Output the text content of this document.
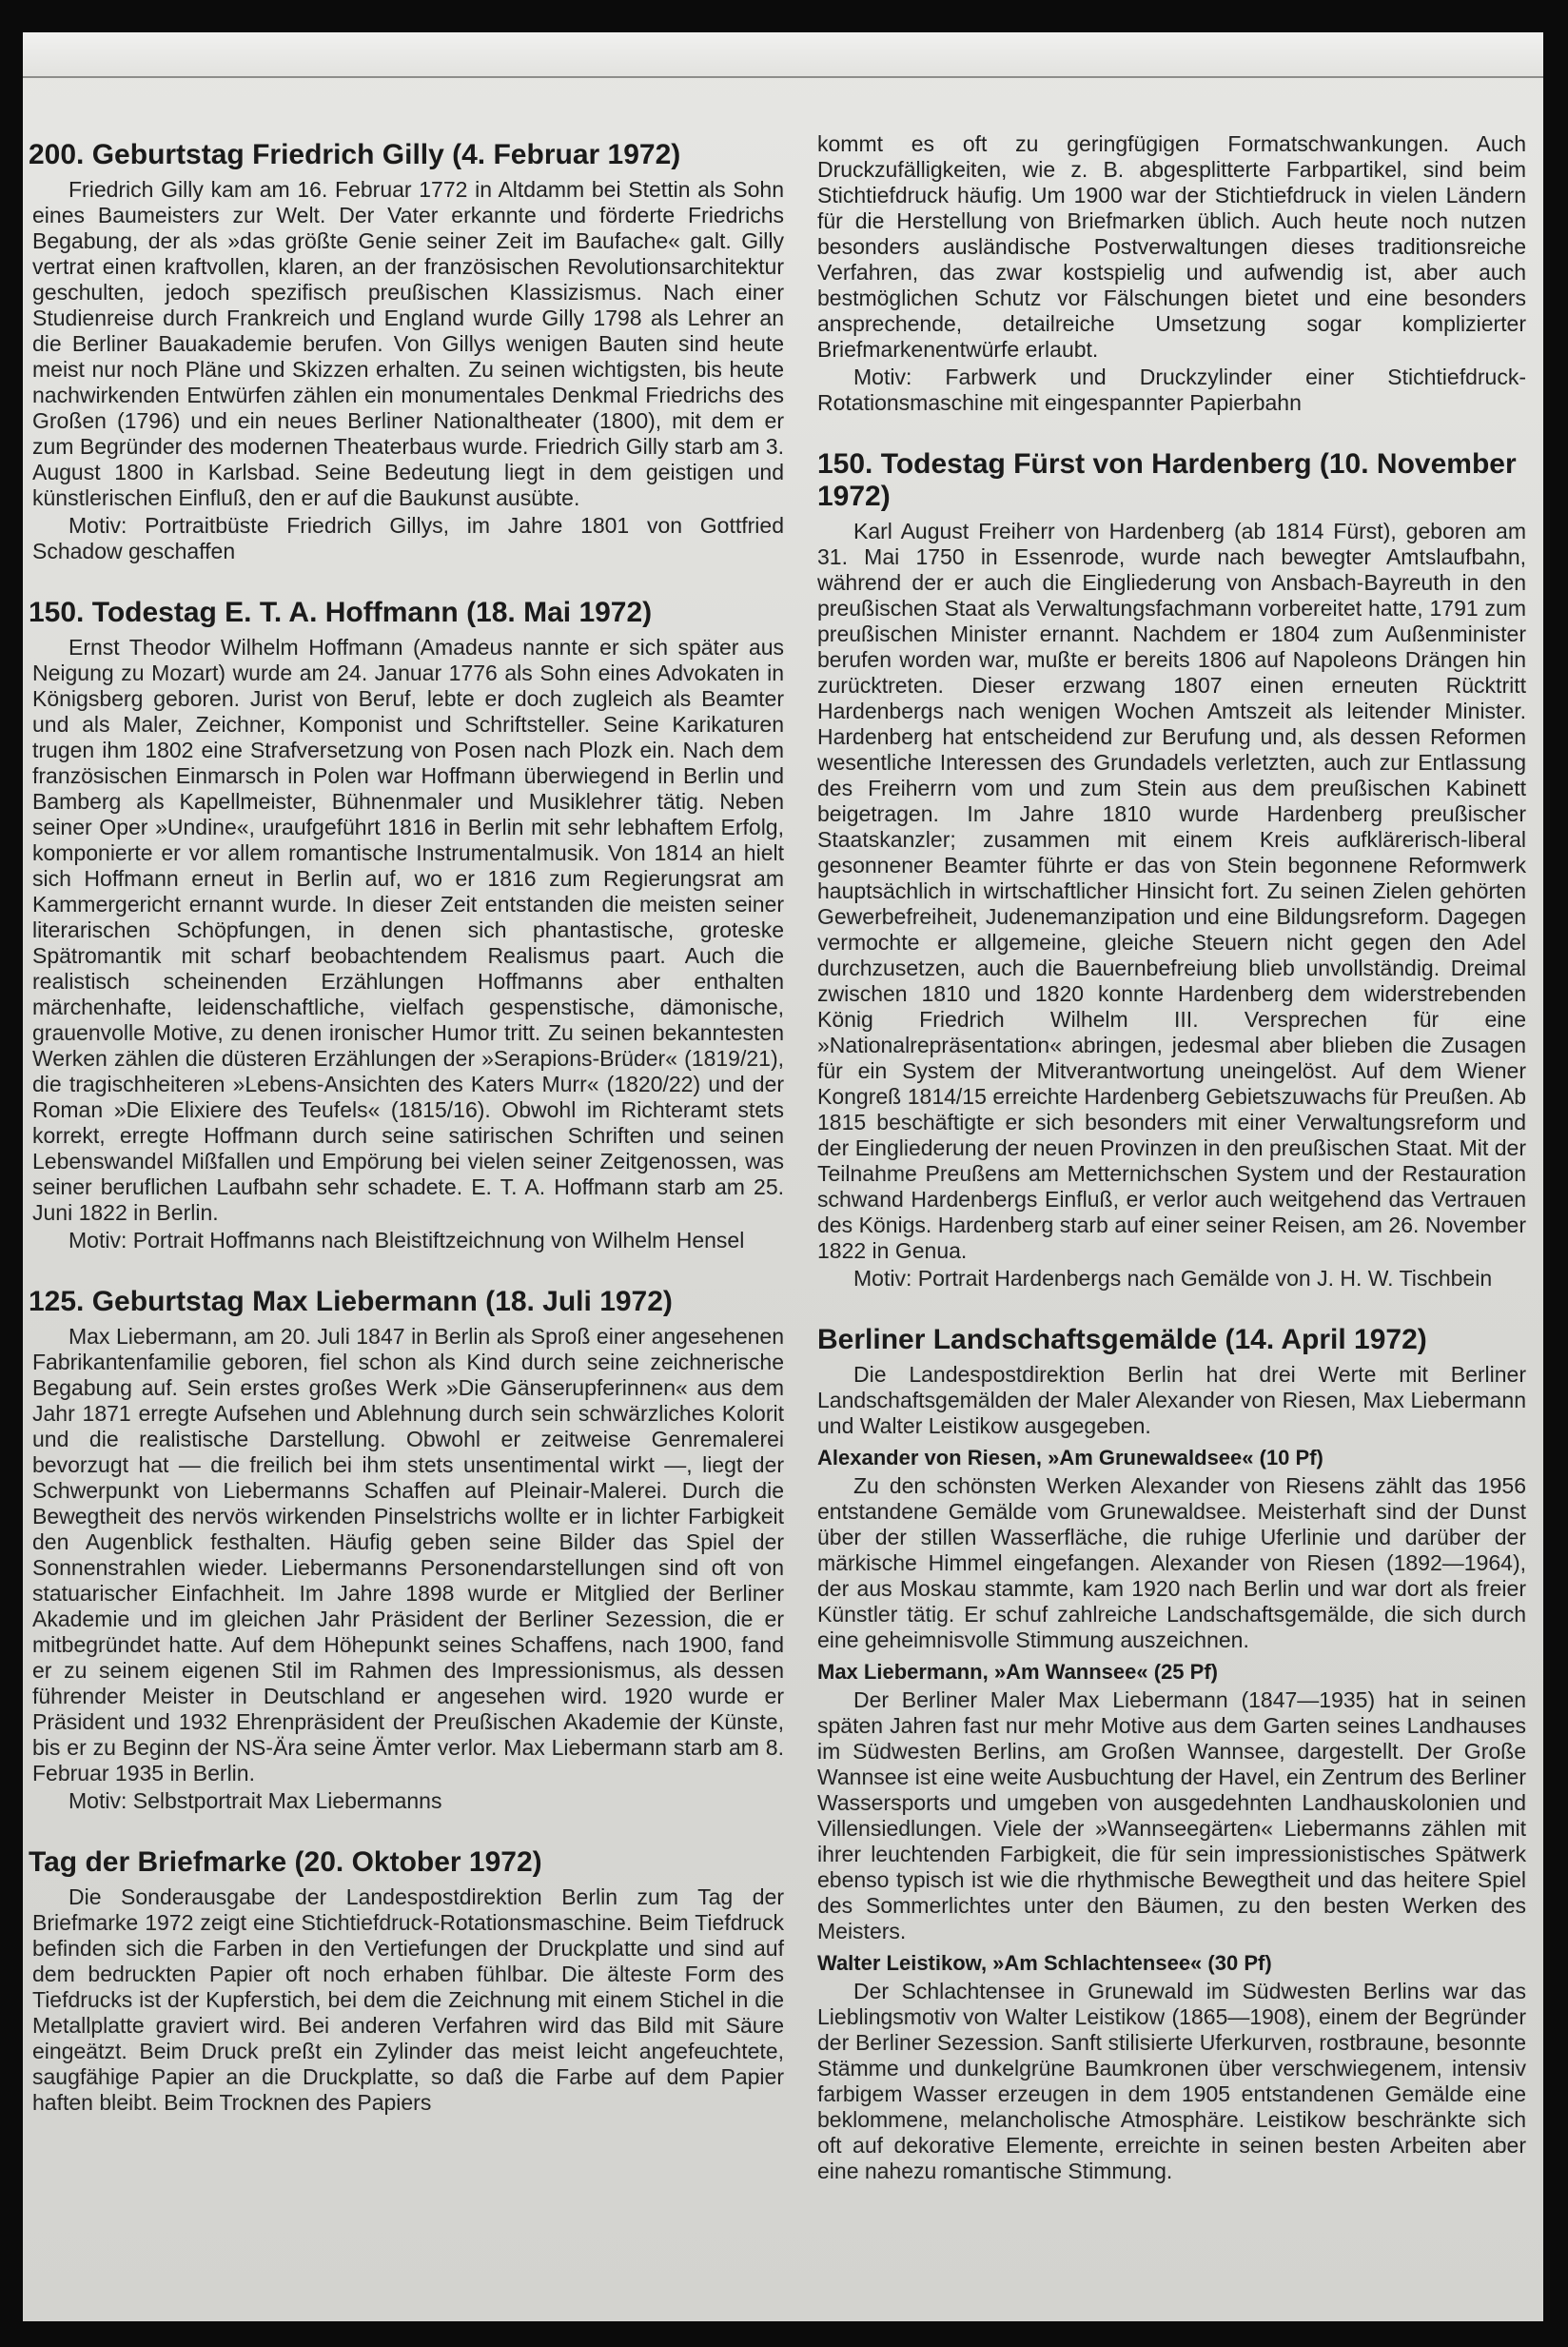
200. Geburtstag Friedrich Gilly (4. Februar 1972)

Friedrich Gilly kam am 16. Februar 1772 in Altdamm bei Stettin als Sohn eines Baumeisters zur Welt. Der Vater erkannte und förderte Friedrichs Begabung, der als »das größte Genie seiner Zeit im Baufache« galt. Gilly vertrat einen kraftvollen, klaren, an der französischen Revolutionsarchitektur geschulten, jedoch spezifisch preußischen Klassizismus. Nach einer Studienreise durch Frankreich und England wurde Gilly 1798 als Lehrer an die Berliner Bauakademie berufen. Von Gillys wenigen Bauten sind heute meist nur noch Pläne und Skizzen erhalten. Zu seinen wichtigsten, bis heute nachwirkenden Entwürfen zählen ein monumentales Denkmal Friedrichs des Großen (1796) und ein neues Berliner Nationaltheater (1800), mit dem er zum Begründer des modernen Theaterbaus wurde. Friedrich Gilly starb am 3. August 1800 in Karlsbad. Seine Bedeutung liegt in dem geistigen und künstlerischen Einfluß, den er auf die Baukunst ausübte.

Motiv: Portraitbüste Friedrich Gillys, im Jahre 1801 von Gottfried Schadow geschaffen

150. Todestag E. T. A. Hoffmann (18. Mai 1972)

Ernst Theodor Wilhelm Hoffmann (Amadeus nannte er sich später aus Neigung zu Mozart) wurde am 24. Januar 1776 als Sohn eines Advokaten in Königsberg geboren. Jurist von Beruf, lebte er doch zugleich als Beamter und als Maler, Zeichner, Komponist und Schriftsteller. Seine Karikaturen trugen ihm 1802 eine Strafversetzung von Posen nach Plozk ein. Nach dem französischen Einmarsch in Polen war Hoffmann überwiegend in Berlin und Bamberg als Kapellmeister, Bühnenmaler und Musiklehrer tätig. Neben seiner Oper »Undine«, uraufgeführt 1816 in Berlin mit sehr lebhaftem Erfolg, komponierte er vor allem romantische Instrumentalmusik. Von 1814 an hielt sich Hoffmann erneut in Berlin auf, wo er 1816 zum Regierungsrat am Kammergericht ernannt wurde. In dieser Zeit entstanden die meisten seiner literarischen Schöpfungen, in denen sich phantastische, groteske Spätromantik mit scharf beobachtendem Realismus paart. Auch die realistisch scheinenden Erzählungen Hoffmanns aber enthalten märchenhafte, leidenschaftliche, vielfach gespenstische, dämonische, grauenvolle Motive, zu denen ironischer Humor tritt. Zu seinen bekanntesten Werken zählen die düsteren Erzählungen der »Serapions-Brüder« (1819/21), die tragischheiteren »Lebens-Ansichten des Katers Murr« (1820/22) und der Roman »Die Elixiere des Teufels« (1815/16). Obwohl im Richteramt stets korrekt, erregte Hoffmann durch seine satirischen Schriften und seinen Lebenswandel Mißfallen und Empörung bei vielen seiner Zeitgenossen, was seiner beruflichen Laufbahn sehr schadete. E. T. A. Hoffmann starb am 25. Juni 1822 in Berlin.

Motiv: Portrait Hoffmanns nach Bleistiftzeichnung von Wilhelm Hensel

125. Geburtstag Max Liebermann (18. Juli 1972)

Max Liebermann, am 20. Juli 1847 in Berlin als Sproß einer angesehenen Fabrikantenfamilie geboren, fiel schon als Kind durch seine zeichnerische Begabung auf. Sein erstes großes Werk »Die Gänserupferinnen« aus dem Jahr 1871 erregte Aufsehen und Ablehnung durch sein schwärzliches Kolorit und die realistische Darstellung. Obwohl er zeitweise Genremalerei bevorzugt hat — die freilich bei ihm stets unsentimental wirkt —, liegt der Schwerpunkt von Liebermanns Schaffen auf Pleinair-Malerei. Durch die Bewegtheit des nervös wirkenden Pinselstrichs wollte er in lichter Farbigkeit den Augenblick festhalten. Häufig geben seine Bilder das Spiel der Sonnenstrahlen wieder. Liebermanns Personendarstellungen sind oft von statuarischer Einfachheit. Im Jahre 1898 wurde er Mitglied der Berliner Akademie und im gleichen Jahr Präsident der Berliner Sezession, die er mitbegründet hatte. Auf dem Höhepunkt seines Schaffens, nach 1900, fand er zu seinem eigenen Stil im Rahmen des Impressionismus, als dessen führender Meister in Deutschland er angesehen wird. 1920 wurde er Präsident und 1932 Ehrenpräsident der Preußischen Akademie der Künste, bis er zu Beginn der NS-Ära seine Ämter verlor. Max Liebermann starb am 8. Februar 1935 in Berlin.

Motiv: Selbstportrait Max Liebermanns

Tag der Briefmarke (20. Oktober 1972)

Die Sonderausgabe der Landespostdirektion Berlin zum Tag der Briefmarke 1972 zeigt eine Stichtiefdruck-Rotationsmaschine. Beim Tiefdruck befinden sich die Farben in den Vertiefungen der Druckplatte und sind auf dem bedruckten Papier oft noch erhaben fühlbar. Die älteste Form des Tiefdrucks ist der Kupferstich, bei dem die Zeichnung mit einem Stichel in die Metallplatte graviert wird. Bei anderen Verfahren wird das Bild mit Säure eingeätzt. Beim Druck preßt ein Zylinder das meist leicht angefeuchtete, saugfähige Papier an die Druckplatte, so daß die Farbe auf dem Papier haften bleibt. Beim Trocknen des Papiers

kommt es oft zu geringfügigen Formatschwankungen. Auch Druckzufälligkeiten, wie z. B. abgesplitterte Farbpartikel, sind beim Stichtiefdruck häufig. Um 1900 war der Stichtiefdruck in vielen Ländern für die Herstellung von Briefmarken üblich. Auch heute noch nutzen besonders ausländische Postverwaltungen dieses traditionsreiche Verfahren, das zwar kostspielig und aufwendig ist, aber auch bestmöglichen Schutz vor Fälschungen bietet und eine besonders ansprechende, detailreiche Umsetzung sogar komplizierter Briefmarkenentwürfe erlaubt.

Motiv: Farbwerk und Druckzylinder einer Stichtiefdruck-Rotationsmaschine mit eingespannter Papierbahn

150. Todestag Fürst von Hardenberg (10. November 1972)

Karl August Freiherr von Hardenberg (ab 1814 Fürst), geboren am 31. Mai 1750 in Essenrode, wurde nach bewegter Amtslaufbahn, während der er auch die Eingliederung von Ansbach-Bayreuth in den preußischen Staat als Verwaltungsfachmann vorbereitet hatte, 1791 zum preußischen Minister ernannt. Nachdem er 1804 zum Außenminister berufen worden war, mußte er bereits 1806 auf Napoleons Drängen hin zurücktreten. Dieser erzwang 1807 einen erneuten Rücktritt Hardenbergs nach wenigen Wochen Amtszeit als leitender Minister. Hardenberg hat entscheidend zur Berufung und, als dessen Reformen wesentliche Interessen des Grundadels verletzten, auch zur Entlassung des Freiherrn vom und zum Stein aus dem preußischen Kabinett beigetragen. Im Jahre 1810 wurde Hardenberg preußischer Staatskanzler; zusammen mit einem Kreis aufklärerisch-liberal gesonnener Beamter führte er das von Stein begonnene Reformwerk hauptsächlich in wirtschaftlicher Hinsicht fort. Zu seinen Zielen gehörten Gewerbefreiheit, Judenemanzipation und eine Bildungsreform. Dagegen vermochte er allgemeine, gleiche Steuern nicht gegen den Adel durchzusetzen, auch die Bauernbefreiung blieb unvollständig. Dreimal zwischen 1810 und 1820 konnte Hardenberg dem widerstrebenden König Friedrich Wilhelm III. Versprechen für eine »Nationalrepräsentation« abringen, jedesmal aber blieben die Zusagen für ein System der Mitverantwortung uneingelöst. Auf dem Wiener Kongreß 1814/15 erreichte Hardenberg Gebietszuwachs für Preußen. Ab 1815 beschäftigte er sich besonders mit einer Verwaltungsreform und der Eingliederung der neuen Provinzen in den preußischen Staat. Mit der Teilnahme Preußens am Metternichschen System und der Restauration schwand Hardenbergs Einfluß, er verlor auch weitgehend das Vertrauen des Königs. Hardenberg starb auf einer seiner Reisen, am 26. November 1822 in Genua.

Motiv: Portrait Hardenbergs nach Gemälde von J. H. W. Tischbein

Berliner Landschaftsgemälde (14. April 1972)

Die Landespostdirektion Berlin hat drei Werte mit Berliner Landschaftsgemälden der Maler Alexander von Riesen, Max Liebermann und Walter Leistikow ausgegeben.

Alexander von Riesen, »Am Grunewaldsee« (10 Pf)

Zu den schönsten Werken Alexander von Riesens zählt das 1956 entstandene Gemälde vom Grunewaldsee. Meisterhaft sind der Dunst über der stillen Wasserfläche, die ruhige Uferlinie und darüber der märkische Himmel eingefangen. Alexander von Riesen (1892—1964), der aus Moskau stammte, kam 1920 nach Berlin und war dort als freier Künstler tätig. Er schuf zahlreiche Landschaftsgemälde, die sich durch eine geheimnisvolle Stimmung auszeichnen.

Max Liebermann, »Am Wannsee« (25 Pf)

Der Berliner Maler Max Liebermann (1847—1935) hat in seinen späten Jahren fast nur mehr Motive aus dem Garten seines Landhauses im Südwesten Berlins, am Großen Wannsee, dargestellt. Der Große Wannsee ist eine weite Ausbuchtung der Havel, ein Zentrum des Berliner Wassersports und umgeben von ausgedehnten Landhauskolonien und Villensiedlungen. Viele der »Wannseegärten« Liebermanns zählen mit ihrer leuchtenden Farbigkeit, die für sein impressionistisches Spätwerk ebenso typisch ist wie die rhythmische Bewegtheit und das heitere Spiel des Sommerlichtes unter den Bäumen, zu den besten Werken des Meisters.

Walter Leistikow, »Am Schlachtensee« (30 Pf)

Der Schlachtensee in Grunewald im Südwesten Berlins war das Lieblingsmotiv von Walter Leistikow (1865—1908), einem der Begründer der Berliner Sezession. Sanft stilisierte Uferkurven, rostbraune, besonnte Stämme und dunkelgrüne Baumkronen über verschwiegenem, intensiv farbigem Wasser erzeugen in dem 1905 entstandenen Gemälde eine beklommene, melancholische Atmosphäre. Leistikow beschränkte sich oft auf dekorative Elemente, erreichte in seinen besten Arbeiten aber eine nahezu romantische Stimmung.
